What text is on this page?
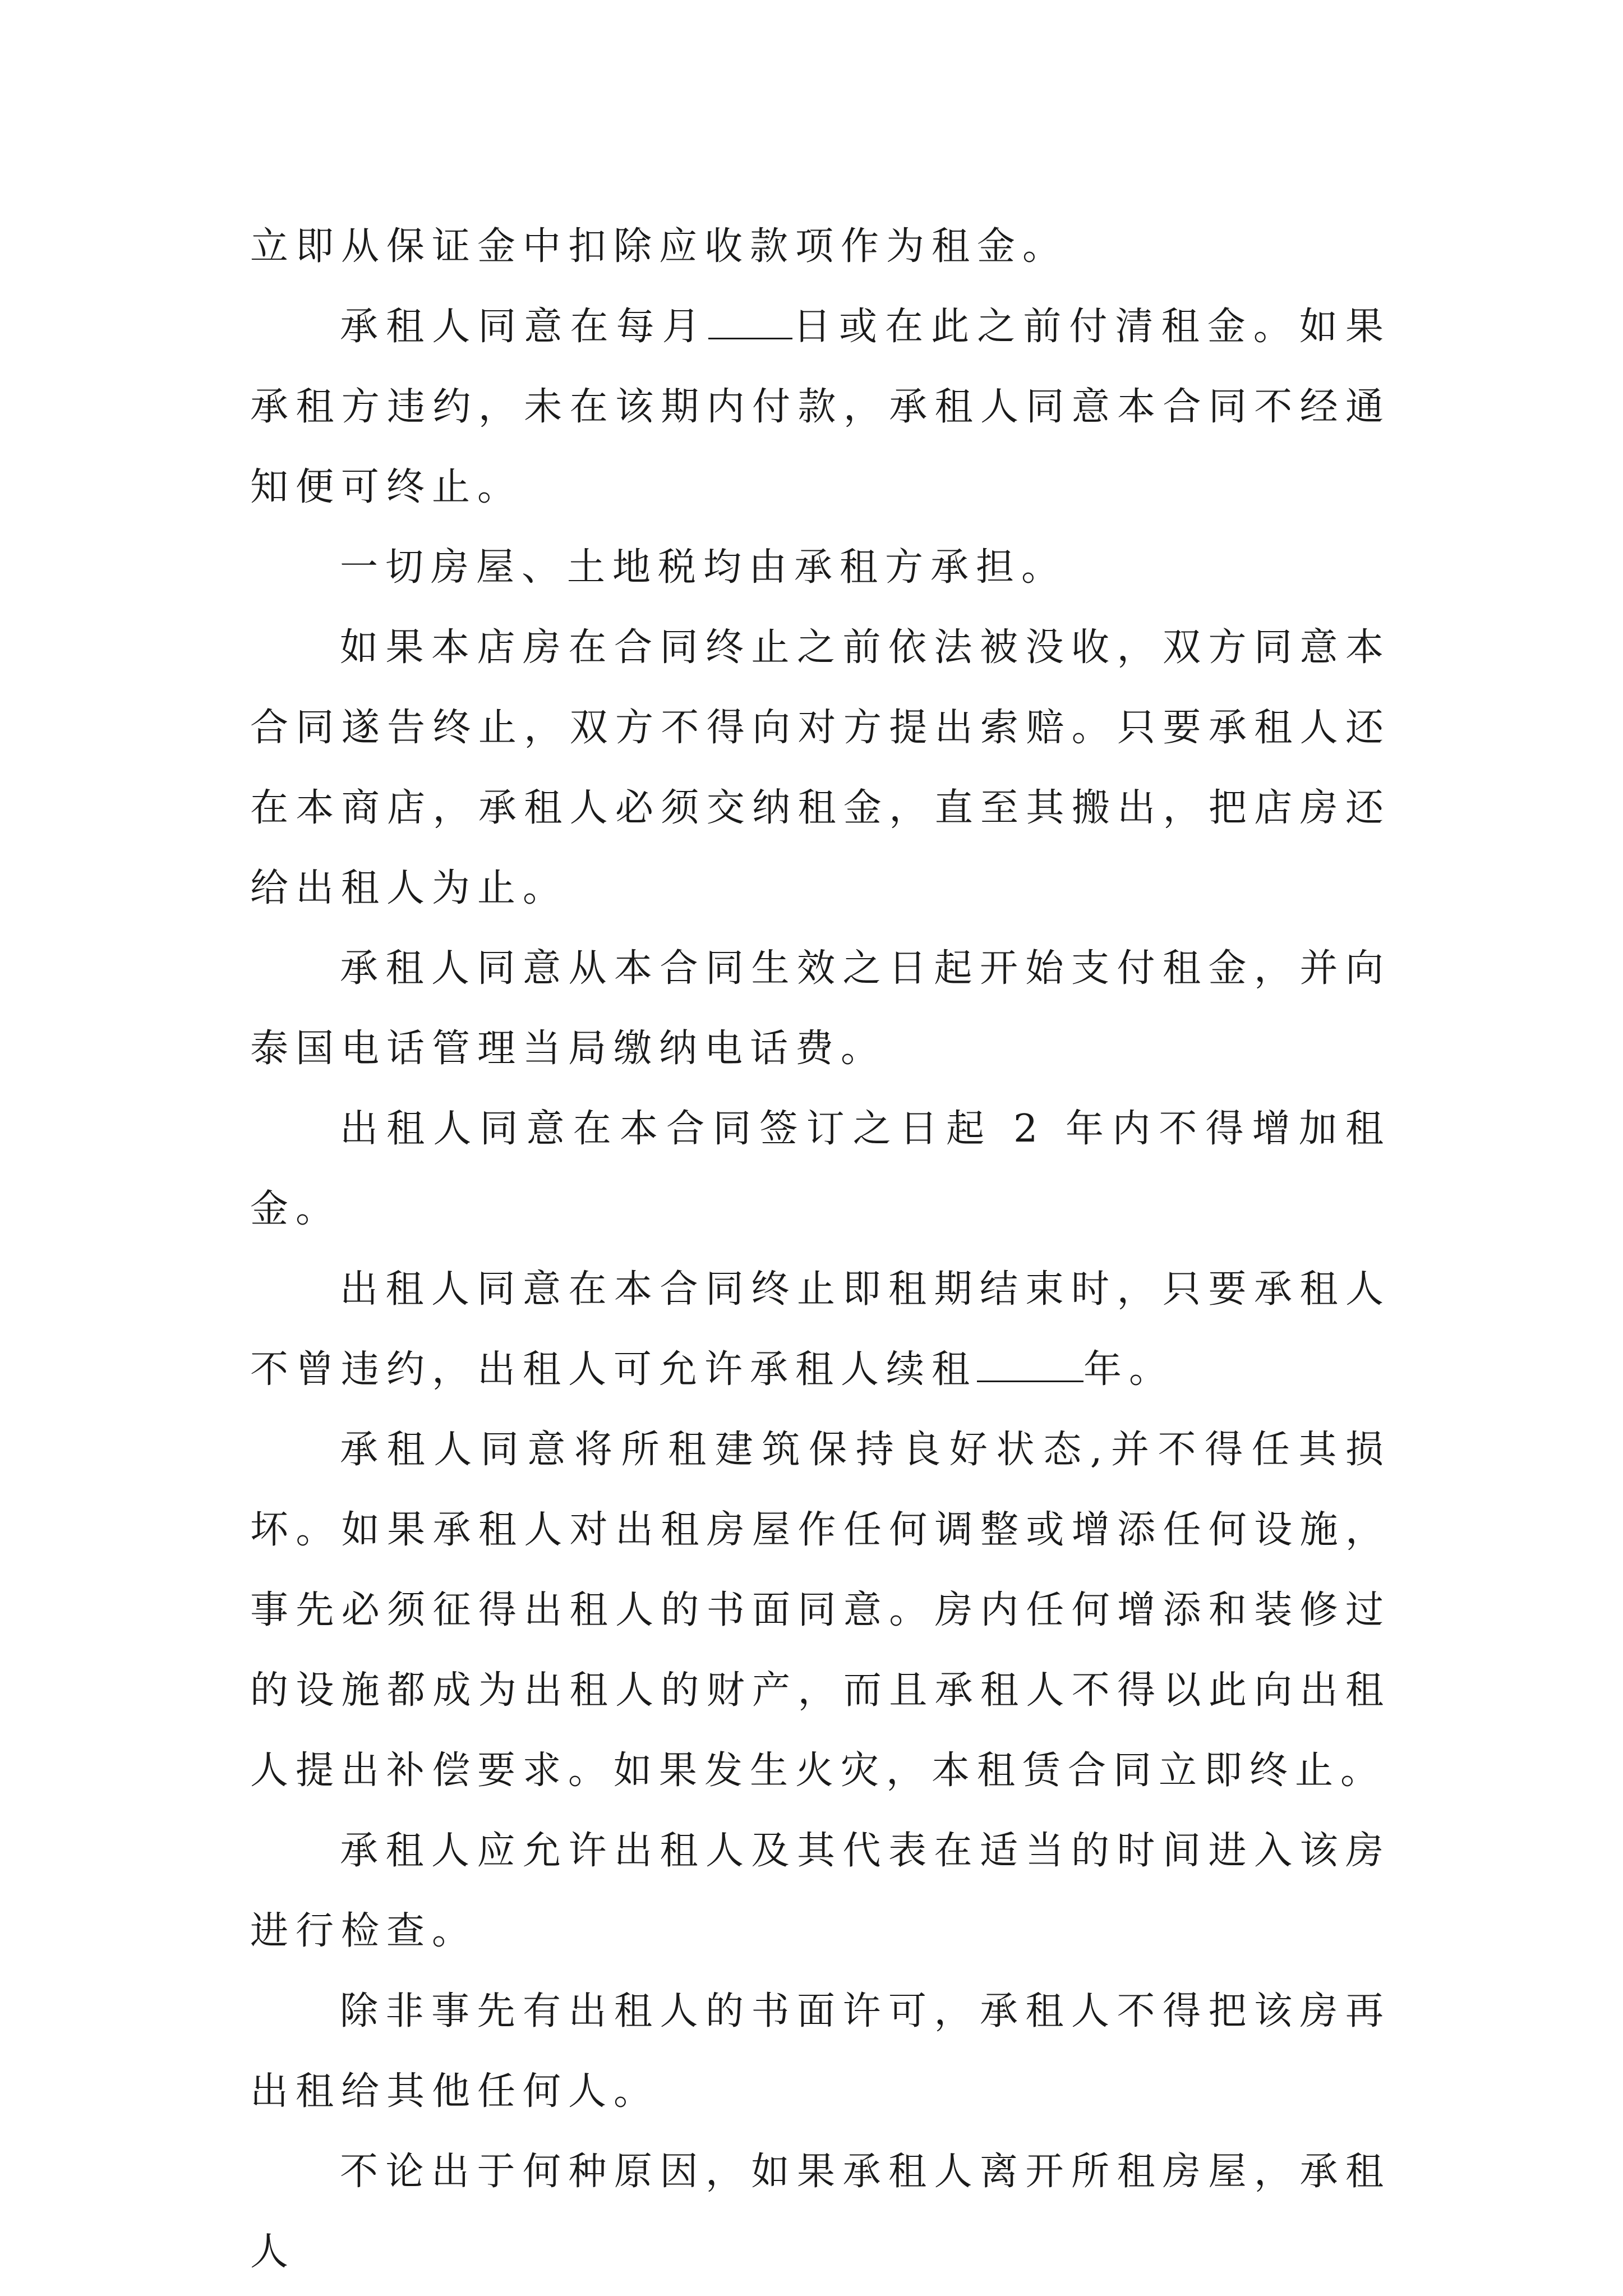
立即从保证金中扣除应收款项作为租金。

承租人同意在每月 日或在此之前付清租金。如果承租方违约，未在该期内付款，承租人同意本合同不经通知便可终止。

一切房屋、土地税均由承租方承担。

如果本店房在合同终止之前依法被没收，双方同意本合同遂告终止，双方不得向对方提出索赔。只要承租人还在本商店，承租人必须交纳租金，直至其搬出，把店房还给出租人为止。

承租人同意从本合同生效之日起开始支付租金，并向泰国电话管理当局缴纳电话费。

出租人同意在本合同签订之日起 2 年内不得增加租金。

出租人同意在本合同终止即租期结束时，只要承租人不曾违约，出租人可允许承租人续租	年。

承租人同意将所租建筑保持良好状态,并不得任其损坏。如果承租人对出租房屋作任何调整或增添任何设施，事先必须征得出租人的书面同意。房内任何增添和装修过的设施都成为出租人的财产，而且承租人不得以此向出租人提出补偿要求。如果发生火灾，本租赁合同立即终止。

承租人应允许出租人及其代表在适当的时间进入该房进行检查。

除非事先有出租人的书面许可，承租人不得把该房再出租给其他任何人。

不论出于何种原因，如果承租人离开所租房屋，承租人
